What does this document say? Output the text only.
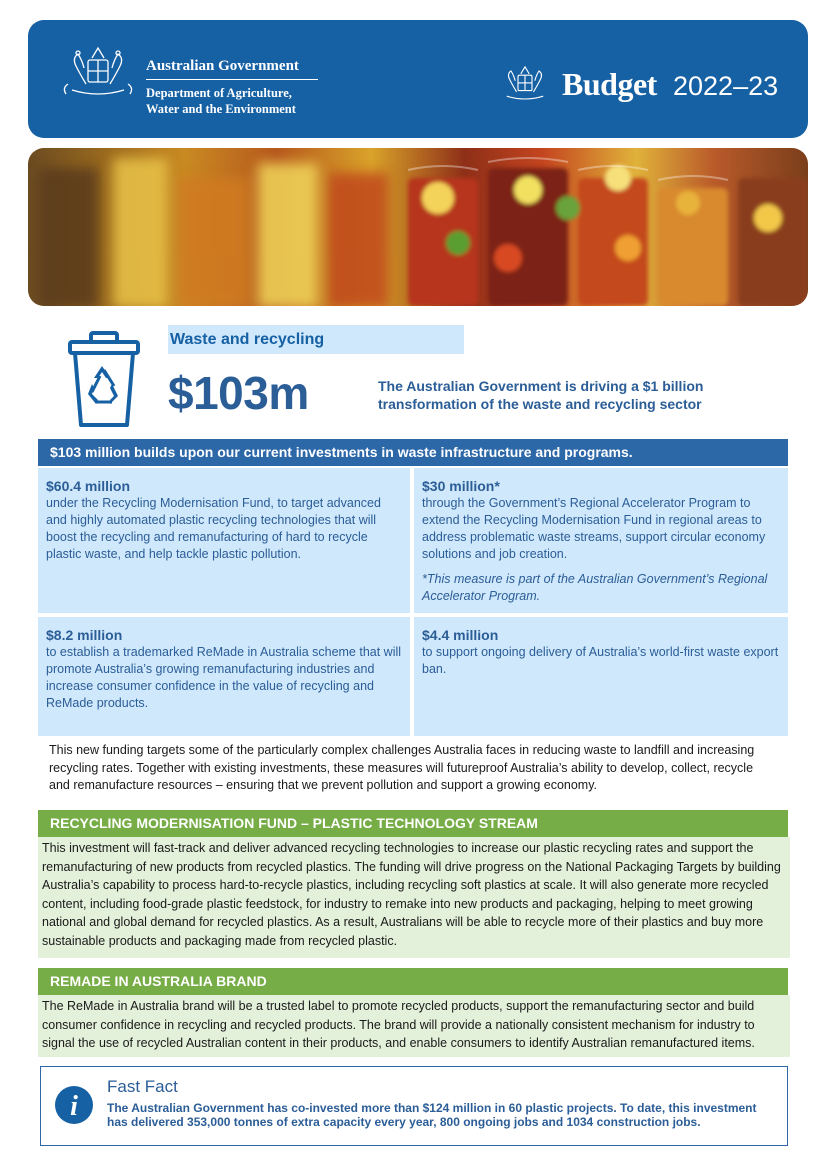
Australian Government
Department of Agriculture,
Water and the Environment
Budget 2022–23
Waste and recycling
$103m	The Australian Government is driving a $1 billion transformation of the waste and recycling sector
$103 million builds upon our current investments in waste infrastructure and programs.
$60.4 million
under the Recycling Modernisation Fund, to target advanced and highly automated plastic recycling technologies that will boost the recycling and remanufacturing of hard to recycle plastic waste, and help tackle plastic pollution.
$30 million*
through the Government’s Regional Accelerator Program to extend the Recycling Modernisation Fund in regional areas to address problematic waste streams, support circular economy solutions and job creation.
*This measure is part of the Australian Government’s Regional Accelerator Program.
$8.2 million
to establish a trademarked ReMade in Australia scheme that will promote Australia’s growing remanufacturing industries and increase consumer confidence in the value of recycling and ReMade products.
$4.4 million
to support ongoing delivery of Australia’s world-first waste export ban.
This new funding targets some of the particularly complex challenges Australia faces in reducing waste to landfill and increasing recycling rates. Together with existing investments, these measures will futureproof Australia’s ability to develop, collect, recycle and remanufacture resources – ensuring that we prevent pollution and support a growing economy.
RECYCLING MODERNISATION FUND – PLASTIC TECHNOLOGY STREAM
This investment will fast-track and deliver advanced recycling technologies to increase our plastic recycling rates and support the remanufacturing of new products from recycled plastics. The funding will drive progress on the National Packaging Targets by building Australia’s capability to process hard-to-recycle plastics, including recycling soft plastics at scale. It will also generate more recycled content, including food-grade plastic feedstock, for industry to remake into new products and packaging, helping to meet growing national and global demand for recycled plastics. As a result, Australians will be able to recycle more of their plastics and buy more sustainable products and packaging made from recycled plastic.
REMADE IN AUSTRALIA BRAND
The ReMade in Australia brand will be a trusted label to promote recycled products, support the remanufacturing sector and build consumer confidence in recycling and recycled products. The brand will provide a nationally consistent mechanism for industry to signal the use of recycled Australian content in their products, and enable consumers to identify Australian remanufactured items.
i
Fast Fact
The Australian Government has co-invested more than $124 million in 60 plastic projects. To date, this investment has delivered 353,000 tonnes of extra capacity every year, 800 ongoing jobs and 1034 construction jobs.
